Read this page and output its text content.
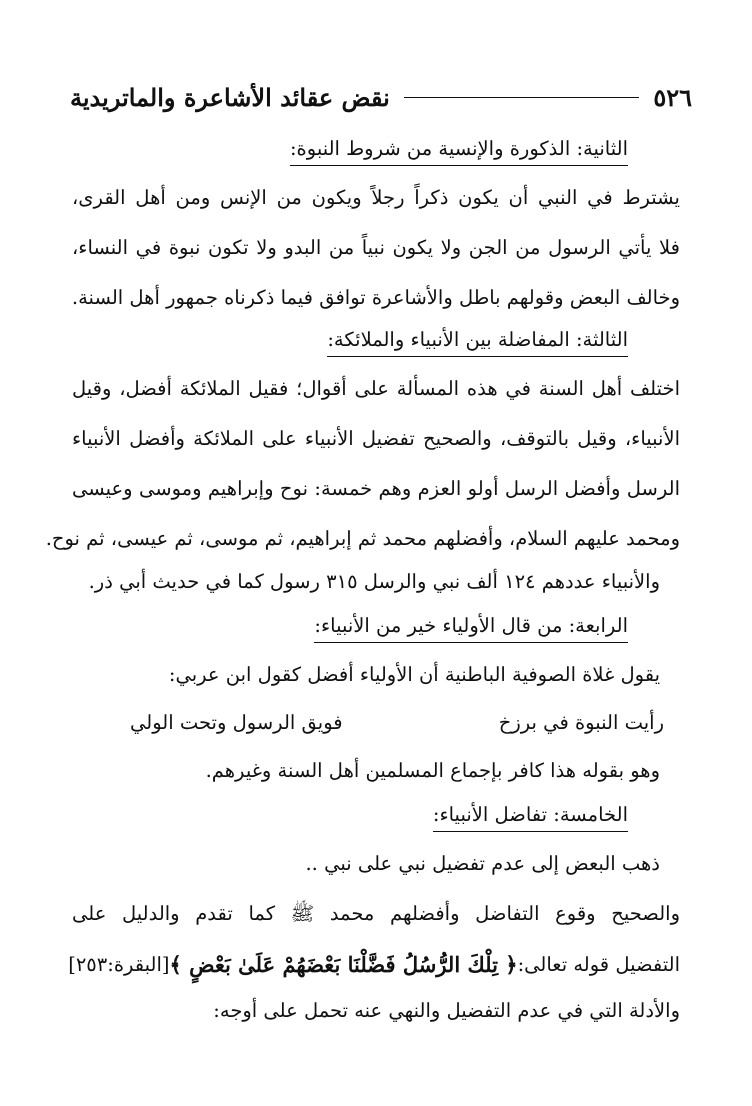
٥٢٦
نقض عقائد الأشاعرة والماتريدية
الثانية: الذكورة والإنسية من شروط النبوة:
يشترط في النبي أن يكون ذكراً رجلاً ويكون من الإنس ومن أهل القرى،
فلا يأتي الرسول من الجن ولا يكون نبياً من البدو ولا تكون نبوة في النساء،
وخالف البعض وقولهم باطل والأشاعرة توافق فيما ذكرناه جمهور أهل السنة.
الثالثة: المفاضلة بين الأنبياء والملائكة:
اختلف أهل السنة في هذه المسألة على أقوال؛ فقيل الملائكة أفضل، وقيل
الأنبياء، وقيل بالتوقف، والصحيح تفضيل الأنبياء على الملائكة وأفضل الأنبياء
الرسل وأفضل الرسل أولو العزم وهم خمسة: نوح وإبراهيم وموسى وعيسى
ومحمد عليهم السلام، وأفضلهم محمد ثم إبراهيم، ثم موسى، ثم عيسى، ثم نوح.
والأنبياء عددهم ١٢٤ ألف نبي والرسل ٣١٥ رسول كما في حديث أبي ذر.
الرابعة: من قال الأولياء خير من الأنبياء:
يقول غلاة الصوفية الباطنية أن الأولياء أفضل كقول ابن عربي:
رأيت النبوة في برزخ
فويق الرسول وتحت الولي
وهو بقوله هذا كافر بإجماع المسلمين أهل السنة وغيرهم.
الخامسة: تفاضل الأنبياء:
ذهب البعض إلى عدم تفضيل نبي على نبي ..
والصحيح وقوع التفاضل وأفضلهم محمد ﷺ كما تقدم والدليل على
التفضيل قوله تعالى:
﴿ تِلْكَ الرُّسُلُ فَضَّلْنَا بَعْضَهُمْ عَلَىٰ بَعْضٍ ﴾
[البقرة:٢٥٣]
والأدلة التي في عدم التفضيل والنهي عنه تحمل على أوجه:
